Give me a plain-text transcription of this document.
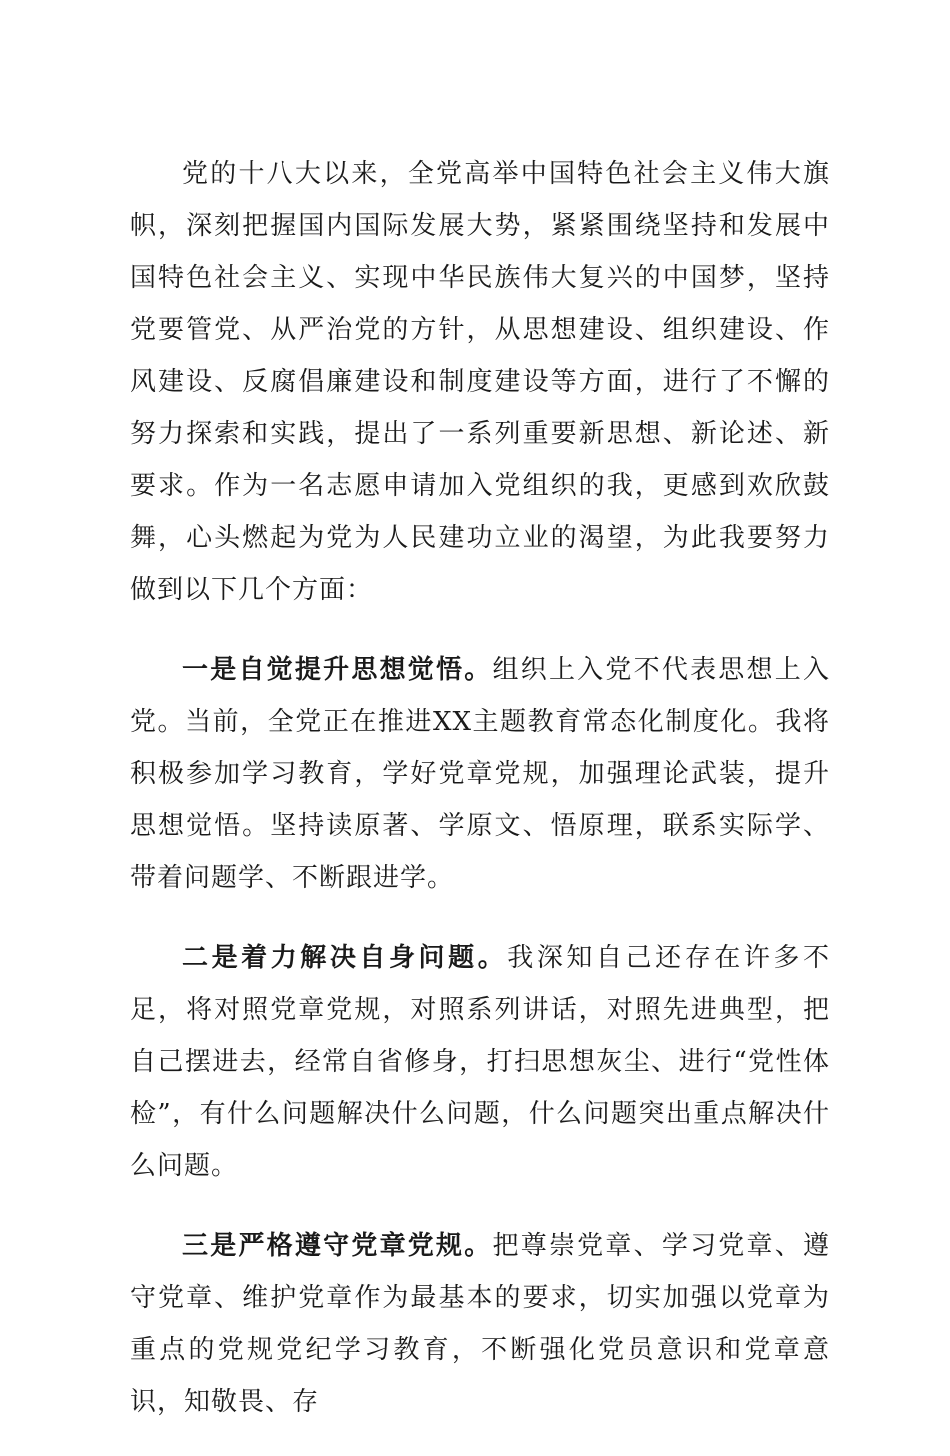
党的十八大以来，全党高举中国特色社会主义伟大旗帜，深刻把握国内国际发展大势，紧紧围绕坚持和发展中国特色社会主义、实现中华民族伟大复兴的中国梦，坚持党要管党、从严治党的方针，从思想建设、组织建设、作风建设、反腐倡廉建设和制度建设等方面，进行了不懈的努力探索和实践，提出了一系列重要新思想、新论述、新要求。作为一名志愿申请加入党组织的我，更感到欢欣鼓舞，心头燃起为党为人民建功立业的渴望，为此我要努力做到以下几个方面：

一是自觉提升思想觉悟。组织上入党不代表思想上入党。当前，全党正在推进XX主题教育常态化制度化。我将积极参加学习教育，学好党章党规，加强理论武装，提升思想觉悟。坚持读原著、学原文、悟原理，联系实际学、带着问题学、不断跟进学。

二是着力解决自身问题。我深知自己还存在许多不足，将对照党章党规，对照系列讲话，对照先进典型，把自己摆进去，经常自省修身，打扫思想灰尘、进行“党性体检”，有什么问题解决什么问题，什么问题突出重点解决什么问题。

三是严格遵守党章党规。把尊崇党章、学习党章、遵守党章、维护党章作为最基本的要求，切实加强以党章为重点的党规党纪学习教育，不断强化党员意识和党章意识，知敬畏、存
